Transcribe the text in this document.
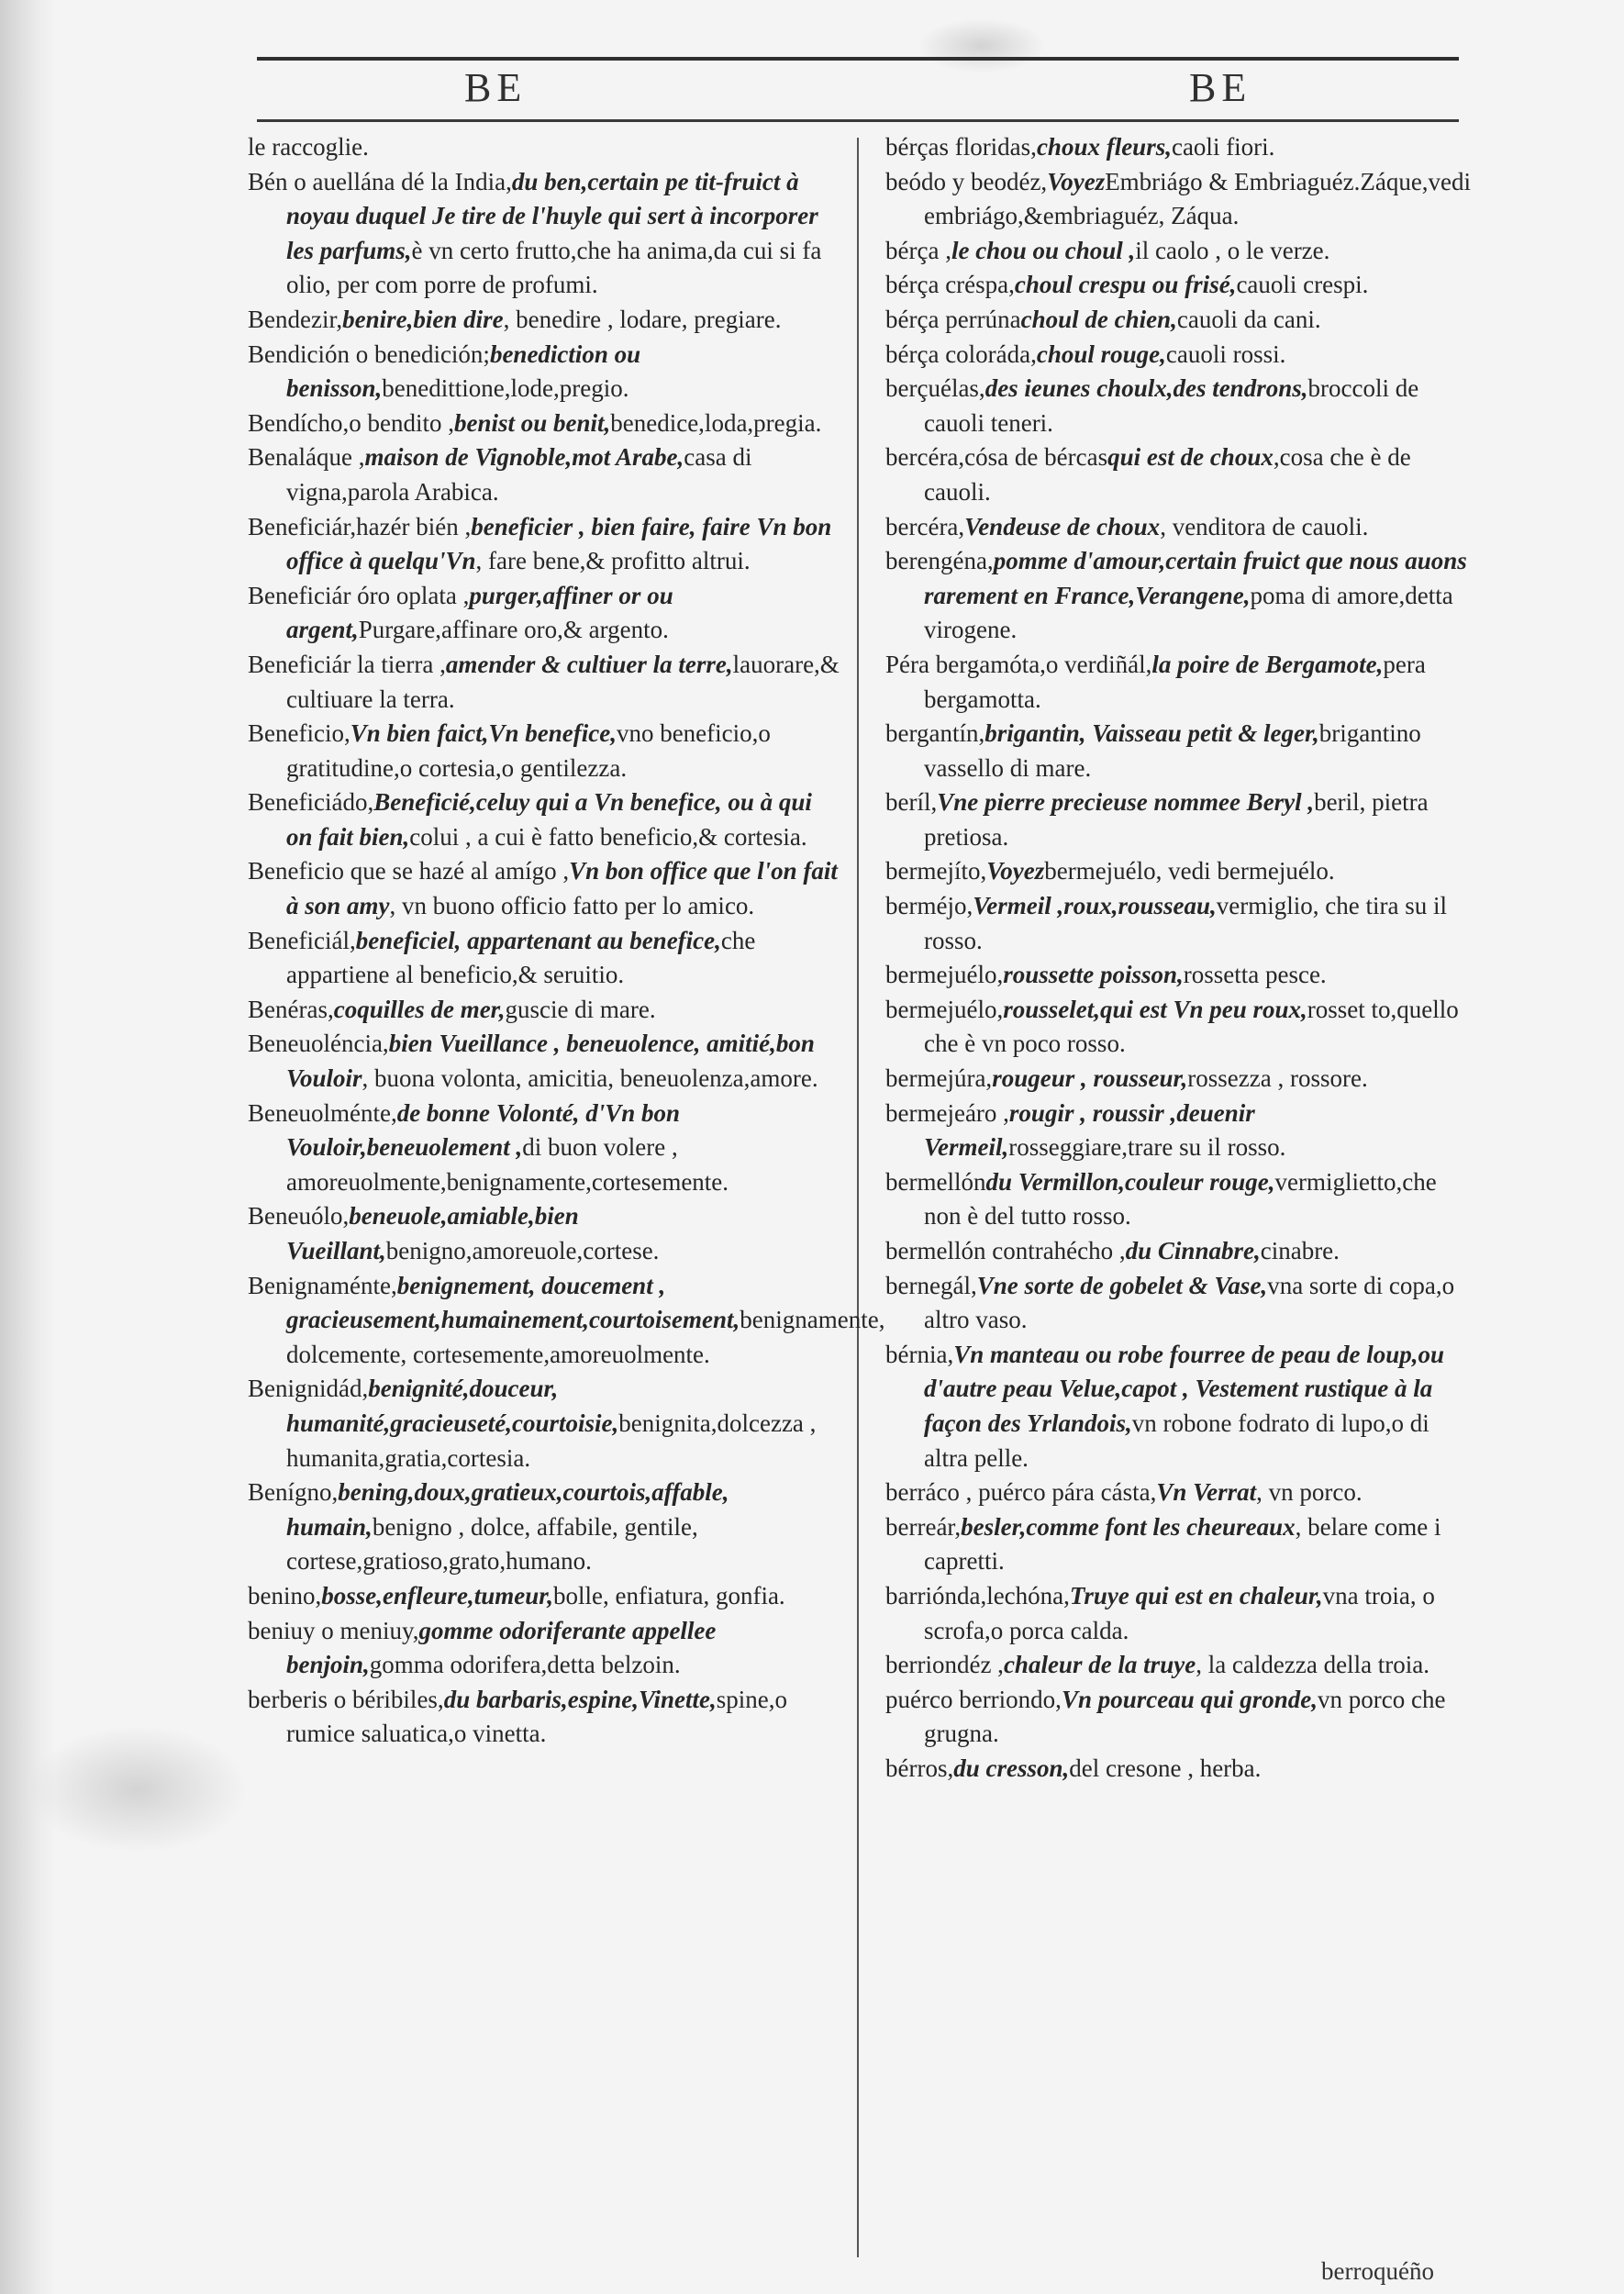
BE	BE

le raccoglie.

Bén o auellána dé la India,du ben,certain pe tit-fruict à noyau duquel Je tire de l'huyle qui sert à incorporer les parfums,è vn certo frutto,che ha anima,da cui si fa olio, per com porre de profumi.

Bendezir,benire,bien dire, benedire , lodare, pregiare.

Bendición o benedición;benediction ou benisson,benedittione,lode,pregio.

Bendícho,o bendito ,benist ou benit,benedice,loda,pregia.

Benaláque ,maison de Vignoble,mot Arabe,casa di vigna,parola Arabica.

Beneficiár,hazér bién ,beneficier , bien faire, faire Vn bon office à quelqu'Vn, fare bene,& profitto altrui.

Beneficiár óro oplata ,purger,affiner or ou argent,Purgare,affinare oro,& argento.

Beneficiár la tierra ,amender & cultiuer la terre,lauorare,& cultiuare la terra.

Beneficio,Vn bien faict,Vn benefice,vno beneficio,o gratitudine,o cortesia,o gentilezza.

Beneficiádo,Beneficié,celuy qui a Vn benefice, ou à qui on fait bien,colui , a cui è fatto beneficio,& cortesia.

Beneficio que se hazé al amígo ,Vn bon office que l'on fait à son amy, vn buono officio fatto per lo amico.

Beneficiál,beneficiel, appartenant au benefice,che appartiene al beneficio,& seruitio.

Benéras,coquilles de mer,guscie di mare.

Beneuoléncia,bien Vueillance , beneuolence, amitié,bon Vouloir, buona volonta, amicitia, beneuolenza,amore.

Beneuolménte,de bonne Volonté, d'Vn bon Vouloir,beneuolement ,di buon volere , amoreuolmente,benignamente,cortesemente.

Beneuólo,beneuole,amiable,bien Vueillant,benigno,amoreuole,cortese.

Benignaménte,benignement, doucement , gracieusement,humainement,courtoisement,benignamente, dolcemente, cortesemente,amoreuolmente.

Benignidád,benignité,douceur, humanité,gracieuseté,courtoisie,benignita,dolcezza , humanita,gratia,cortesia.

Benígno,bening,doux,gratieux,courtois,affable, humain,benigno , dolce, affabile, gentile, cortese,gratioso,grato,humano.

benino,bosse,enfleure,tumeur,bolle, enfiatura, gonfia.

beniuy o meniuy,gomme odoriferante appellee benjoin,gomma odorifera,detta belzoin.

berberis o béribiles,du barbaris,espine,Vinette,spine,o rumice saluatica,o vinetta.

bérças floridas,choux fleurs,caoli fiori.

beódo y beodéz,VoyezEmbriágo & Embriaguéz.Záque,vedi embriágo,&embriaguéz, Záqua.

bérça ,le chou ou choul ,il caolo , o le verze.

bérça créspa,choul crespu ou frisé,cauoli crespi.

bérça perrúnachoul de chien,cauoli da cani.

bérça coloráda,choul rouge,cauoli rossi.

berçuélas,des ieunes choulx,des tendrons,broccoli de cauoli teneri.

bercéra,cósa de bércasqui est de choux,cosa che è de cauoli.

bercéra,Vendeuse de choux, venditora de cauoli.

berengéna,pomme d'amour,certain fruict que nous auons rarement en France,Verangene,poma di amore,detta virogene.

Péra bergamóta,o verdiñál,la poire de Bergamote,pera bergamotta.

bergantín,brigantin, Vaisseau petit & leger,brigantino vassello di mare.

beríl,Vne pierre precieuse nommee Beryl ,beril, pietra pretiosa.

bermejíto,Voyezbermejuélo, vedi bermejuélo.

berméjo,Vermeil ,roux,rousseau,vermiglio, che tira su il rosso.

bermejuélo,roussette poisson,rossetta pesce.

bermejuélo,rousselet,qui est Vn peu roux,rosset to,quello che è vn poco rosso.

bermejúra,rougeur , rousseur,rossezza , rossore.

bermejeáro ,rougir , roussir ,deuenir Vermeil,rosseggiare,trare su il rosso.

bermellóndu Vermillon,couleur rouge,vermiglietto,che non è del tutto rosso.

bermellón contrahécho ,du Cinnabre,cinabre.

bernegál,Vne sorte de gobelet & Vase,vna sorte di copa,o altro vaso.

bérnia,Vn manteau ou robe fourree de peau de loup,ou d'autre peau Velue,capot , Vestement rustique à la façon des Yrlandois,vn robone fodrato di lupo,o di altra pelle.

berráco , puérco pára cásta,Vn Verrat, vn porco.

berreár,besler,comme font les cheureaux, belare come i capretti.

barriónda,lechóna,Truye qui est en chaleur,vna troia, o scrofa,o porca calda.

berriondéz ,chaleur de la truye, la caldezza della troia.

puérco berriondo,Vn pourceau qui gronde,vn porco che grugna.

bérros,du cresson,del cresone , herba.

berroquéño
